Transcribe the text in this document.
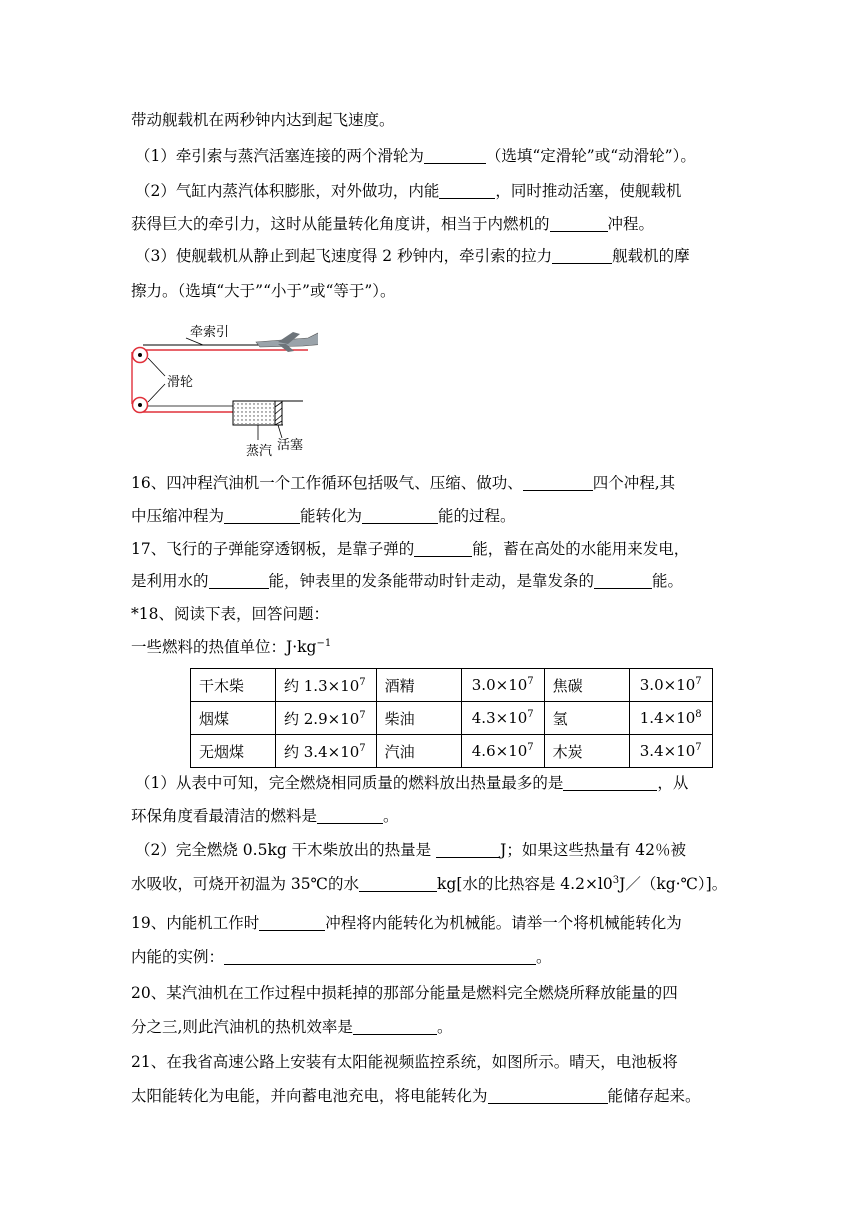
带动舰载机在两秒钟内达到起飞速度。
（1）牵引索与蒸汽活塞连接的两个滑轮为	（选填“定滑轮”或“动滑轮”）。
（2）气缸内蒸汽体积膨胀，对外做功，内能	，同时推动活塞，使舰载机
获得巨大的牵引力，这时从能量转化角度讲，相当于内燃机的	冲程。
（3）使舰载机从静止到起飞速度得 2 秒钟内，牵引索的拉力	舰载机的摩
擦力。（选填“大于”“小于”或“等于”）。
牵索引
滑轮
蒸汽 活塞
16、四冲程汽油机一个工作循环包括吸气、压缩、做功、	四个冲程,其
中压缩冲程为	能转化为	能的过程。
17、飞行的子弹能穿透钢板，是靠子弹的	能，蓄在高处的水能用来发电，
是利用水的	能，钟表里的发条能带动时针走动，是靠发条的	能。
*18、阅读下表，回答问题：
一些燃料的热值单位：$J\cdot kg^{-1}$
干木柴	约 $1.3\times 10^7$	酒精	$3.0\times 10^7$	焦碳	$3.0\times 10^7$
烟煤	约 $2.9\times 10^7$	柴油	$4.3\times 10^7$	氢	$1.4\times 10^8$
无烟煤	约 $3.4\times 10^7$	汽油	$4.6\times 10^7$	木炭	$3.4\times 10^7$
（1）从表中可知，完全燃烧相同质量的燃料放出热量最多的是	，从
环保角度看最清洁的燃料是	。
（2）完全燃烧 0.5kg 干木柴放出的热量是	J；如果这些热量有 42％被
水吸收，可烧开初温为 35℃的水	kg[水的比热容是 $4.2\times l0^3J/(kg\cdot℃)$]。
19、内能机工作时	冲程将内能转化为机械能。请举一个将机械能转化为
内能的实例：	。
20、某汽油机在工作过程中损耗掉的那部分能量是燃料完全燃烧所释放能量的四
分之三,则此汽油机的热机效率是	。
21、在我省高速公路上安装有太阳能视频监控系统，如图所示。晴天，电池板将
太阳能转化为电能，并向蓄电池充电，将电能转化为	能储存起来。
